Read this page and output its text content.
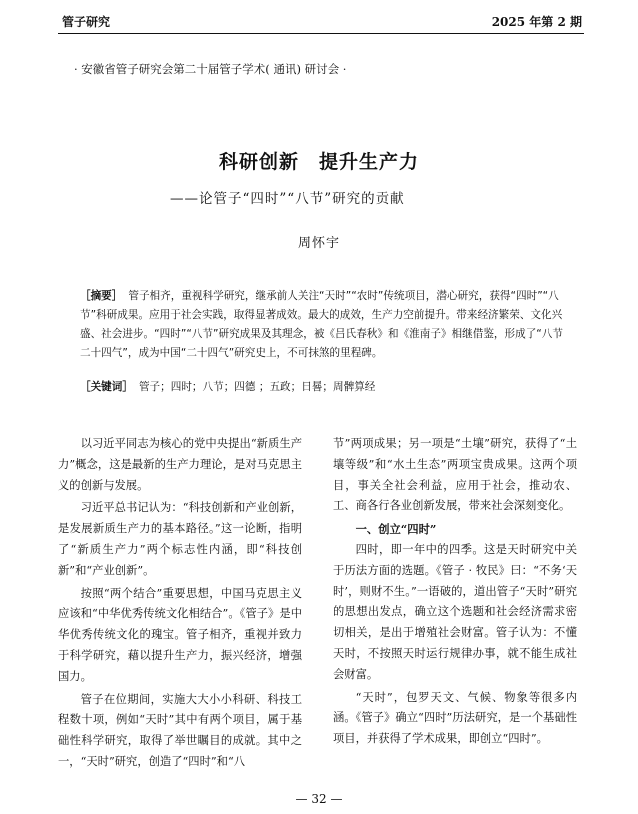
管子研究	2025 年第 2 期
· 安徽省管子研究会第二十届管子学术( 通讯) 研讨会 ·
科研创新　提升生产力
——论管子“四时”“八节”研究的贡献
周怀宇
［摘要］ 管子相齐，重视科学研究，继承前人关注“天时”“农时”传统项目，潜心研究，获得“四时”“八节”科研成果。应用于社会实践，取得显著成效。最大的成效，生产力空前提升。带来经济繁荣、文化兴盛、社会进步。“四时”“八节”研究成果及其理念，被《吕氏春秋》和《淮南子》相继借鉴，形成了“八节二十四气”，成为中国“二十四气”研究史上，不可抹煞的里程碑。
［关键词］ 管子；四时；八节；四德 ；五政；日晷；周髀算经

以习近平同志为核心的党中央提出“新质生产力”概念，这是最新的生产力理论，是对马克思主义的创新与发展。

习近平总书记认为：“科技创新和产业创新，是发展新质生产力的基本路径。”这一论断，指明了“新质生产力”两个标志性内涵，即“科技创新”和“产业创新”。

按照“两个结合”重要思想，中国马克思主义应该和“中华优秀传统文化相结合”。《管子》是中华优秀传统文化的瑰宝。管子相齐，重视并致力于科学研究，藉以提升生产力，振兴经济，增强国力。

管子在位期间，实施大大小小科研、科技工程数十项，例如“天时”其中有两个项目，属于基础性科学研究，取得了举世瞩目的成就。其中之一，“天时”研究，创造了“四时”和“八

节”两项成果；另一项是“土壤”研究，获得了“土壤等级”和“水土生态”两项宝贵成果。这两个项目，事关全社会利益，应用于社会，推动农、工、商各行各业创新发展，带来社会深刻变化。

一、创立“四时”

四时，即一年中的四季。这是天时研究中关于历法方面的选题。《管子 · 牧民》曰：“不务‘天时’，则财不生。”一语破的，道出管子“天时”研究的思想出发点，确立这个选题和社会经济需求密切相关，是出于增殖社会财富。管子认为：不懂天时，不按照天时运行规律办事，就不能生成社会财富。

“天时”，包罗天文、气候、物象等很多内涵。《管子》确立“四时”历法研究，是一个基础性项目，并获得了学术成果，即创立“四时”。

— 32 —
